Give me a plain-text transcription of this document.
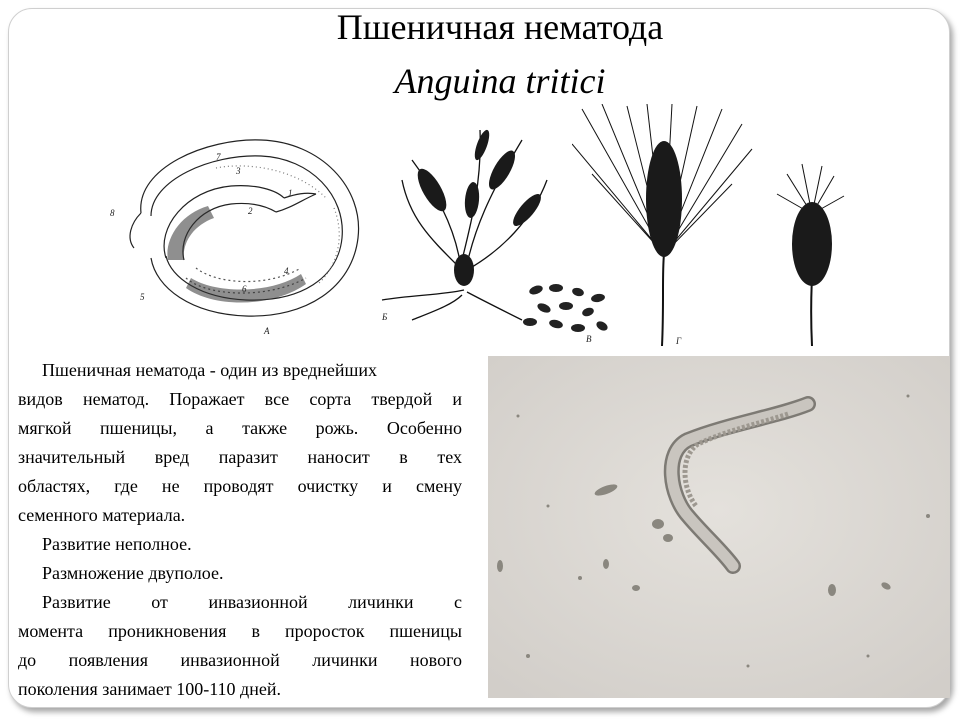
Пшеничная нематода
Anguina tritici
8
7
3
1
2
4
5
6
А
Б
В	Г

Пшеничная нематода - один из вреднейших
видов нематод. Поражает все сорта твердой и
мягкой пшеницы, а также рожь. Особенно
значительный вред паразит наносит в тех
областях, где не проводят очистку и смену
семенного материала.

Развитие неполное.

Размножение двуполое.

Развитие от инвазионной личинки с
момента проникновения в проросток пшеницы
до появления инвазионной личинки нового
поколения занимает 100-110 дней.
